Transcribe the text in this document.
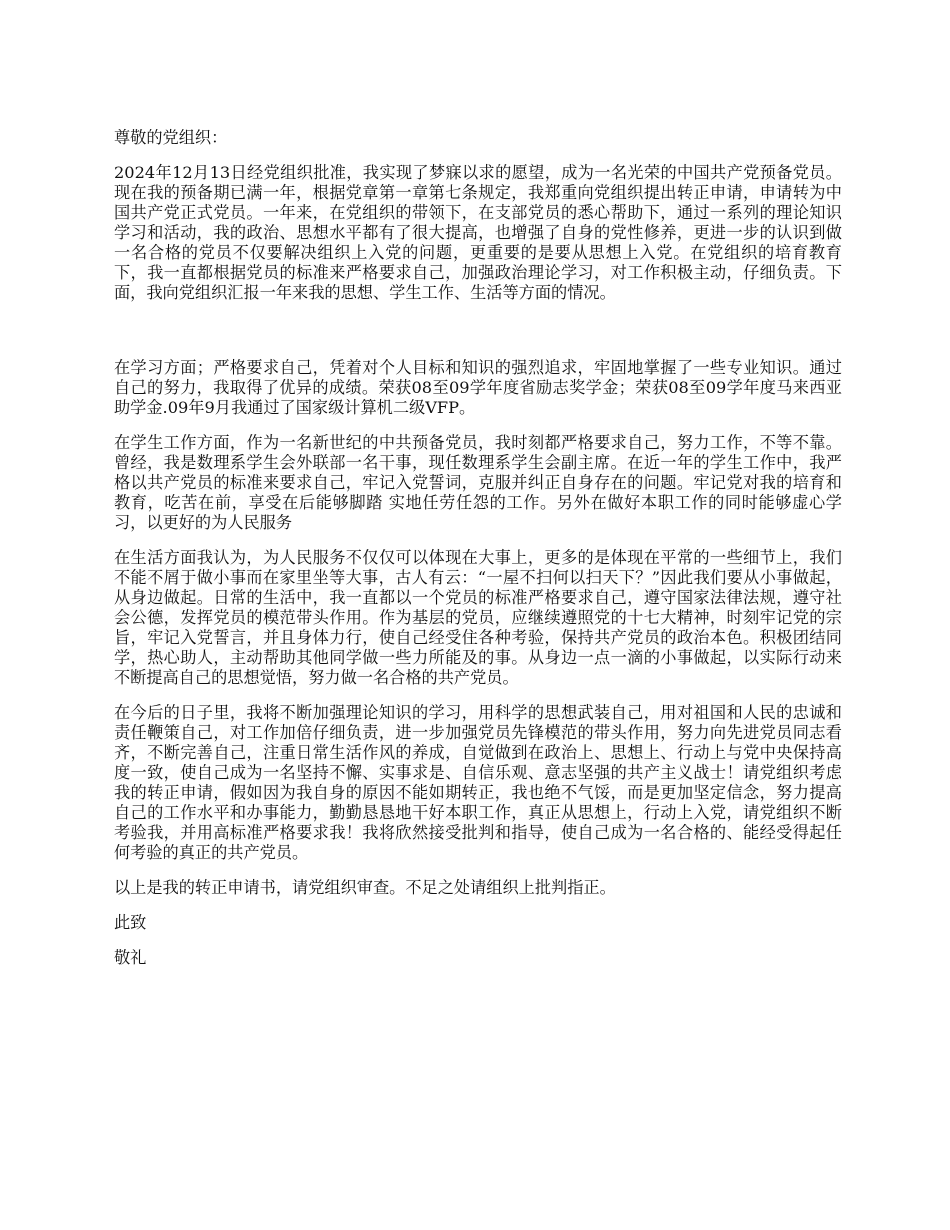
尊敬的党组织：

2024年12月13日经党组织批准，我实现了梦寐以求的愿望，成为一名光荣的中国共产党预备党员。现在我的预备期已满一年，根据党章第一章第七条规定，我郑重向党组织提出转正申请，申请转为中国共产党正式党员。一年来，在党组织的带领下，在支部党员的悉心帮助下，通过一系列的理论知识学习和活动，我的政治、思想水平都有了很大提高，也增强了自身的党性修养，更进一步的认识到做一名合格的党员不仅要解决组织上入党的问题，更重要的是要从思想上入党。在党组织的培育教育下，我一直都根据党员的标准来严格要求自己，加强政治理论学习，对工作积极主动，仔细负责。下面，我向党组织汇报一年来我的思想、学生工作、生活等方面的情况。

在学习方面；严格要求自己，凭着对个人目标和知识的强烈追求，牢固地掌握了一些专业知识。通过自己的努力，我取得了优异的成绩。荣获08至09学年度省励志奖学金；荣获08至09学年度马来西亚助学金.09年9月我通过了国家级计算机二级VFP。

在学生工作方面，作为一名新世纪的中共预备党员，我时刻都严格要求自己，努力工作，不等不靠。曾经，我是数理系学生会外联部一名干事，现任数理系学生会副主席。在近一年的学生工作中，我严格以共产党员的标准来要求自己，牢记入党誓词，克服并纠正自身存在的问题。牢记党对我的培育和教育，吃苦在前，享受在后能够脚踏 实地任劳任怨的工作。另外在做好本职工作的同时能够虚心学习，以更好的为人民服务

在生活方面我认为，为人民服务不仅仅可以体现在大事上，更多的是体现在平常的一些细节上，我们不能不屑于做小事而在家里坐等大事，古人有云：“一屋不扫何以扫天下？”因此我们要从小事做起，从身边做起。日常的生活中，我一直都以一个党员的标准严格要求自己，遵守国家法律法规，遵守社会公德，发挥党员的模范带头作用。作为基层的党员，应继续遵照党的十七大精神，时刻牢记党的宗旨，牢记入党誓言，并且身体力行，使自己经受住各种考验，保持共产党员的政治本色。积极团结同学，热心助人，主动帮助其他同学做一些力所能及的事。从身边一点一滴的小事做起，以实际行动来不断提高自己的思想觉悟，努力做一名合格的共产党员。

在今后的日子里，我将不断加强理论知识的学习，用科学的思想武装自己，用对祖国和人民的忠诚和责任鞭策自己，对工作加倍仔细负责，进一步加强党员先锋模范的带头作用，努力向先进党员同志看齐，不断完善自己，注重日常生活作风的养成，自觉做到在政治上、思想上、行动上与党中央保持高度一致，使自己成为一名坚持不懈、实事求是、自信乐观、意志坚强的共产主义战士！请党组织考虑我的转正申请，假如因为我自身的原因不能如期转正，我也绝不气馁，而是更加坚定信念，努力提高自己的工作水平和办事能力，勤勤恳恳地干好本职工作，真正从思想上，行动上入党，请党组织不断考验我，并用高标准严格要求我！我将欣然接受批判和指导，使自己成为一名合格的、能经受得起任何考验的真正的共产党员。

以上是我的转正申请书，请党组织审查。不足之处请组织上批判指正。

此致

敬礼
